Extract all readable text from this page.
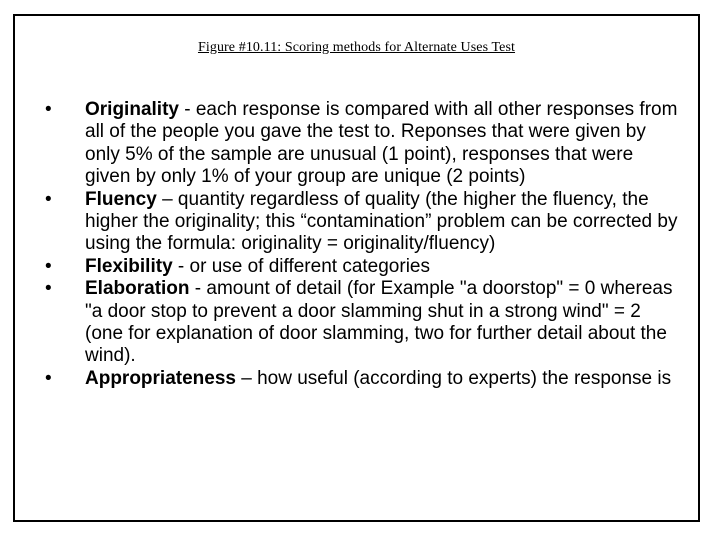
Figure #10.11: Scoring methods for Alternate Uses Test
• Originality - each response is compared with all other responses from all of the people you gave the test to. Reponses that were given by only 5% of the sample are unusual (1 point), responses that were given by only 1% of your group are unique (2 points)
• Fluency – quantity regardless of quality (the higher the fluency, the higher the originality; this “contamination” problem can be corrected by using the formula: originality = originality/fluency)
• Flexibility - or use of different categories
• Elaboration - amount of detail (for Example "a doorstop" = 0 whereas "a door stop to prevent a door slamming shut in a strong wind" = 2 (one for explanation of door slamming, two for further detail about the wind).
• Appropriateness – how useful (according to experts) the response is
